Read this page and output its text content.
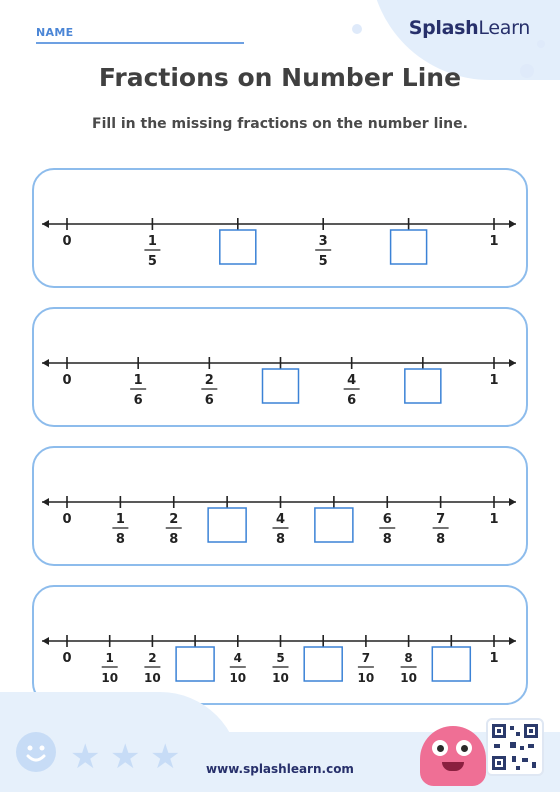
NAME	SplashLearn
Fractions on Number Line
Fill in the missing fractions on the number line.
0	1
1
5
3
5
0	1
1
6
2
6
4
6
0	1
1
8
2
8
4
8
6
8
7
8
0	1
1
10
2
10
4
10
5
10
7
10
8
10
★ ★ ★	www.splashlearn.com
